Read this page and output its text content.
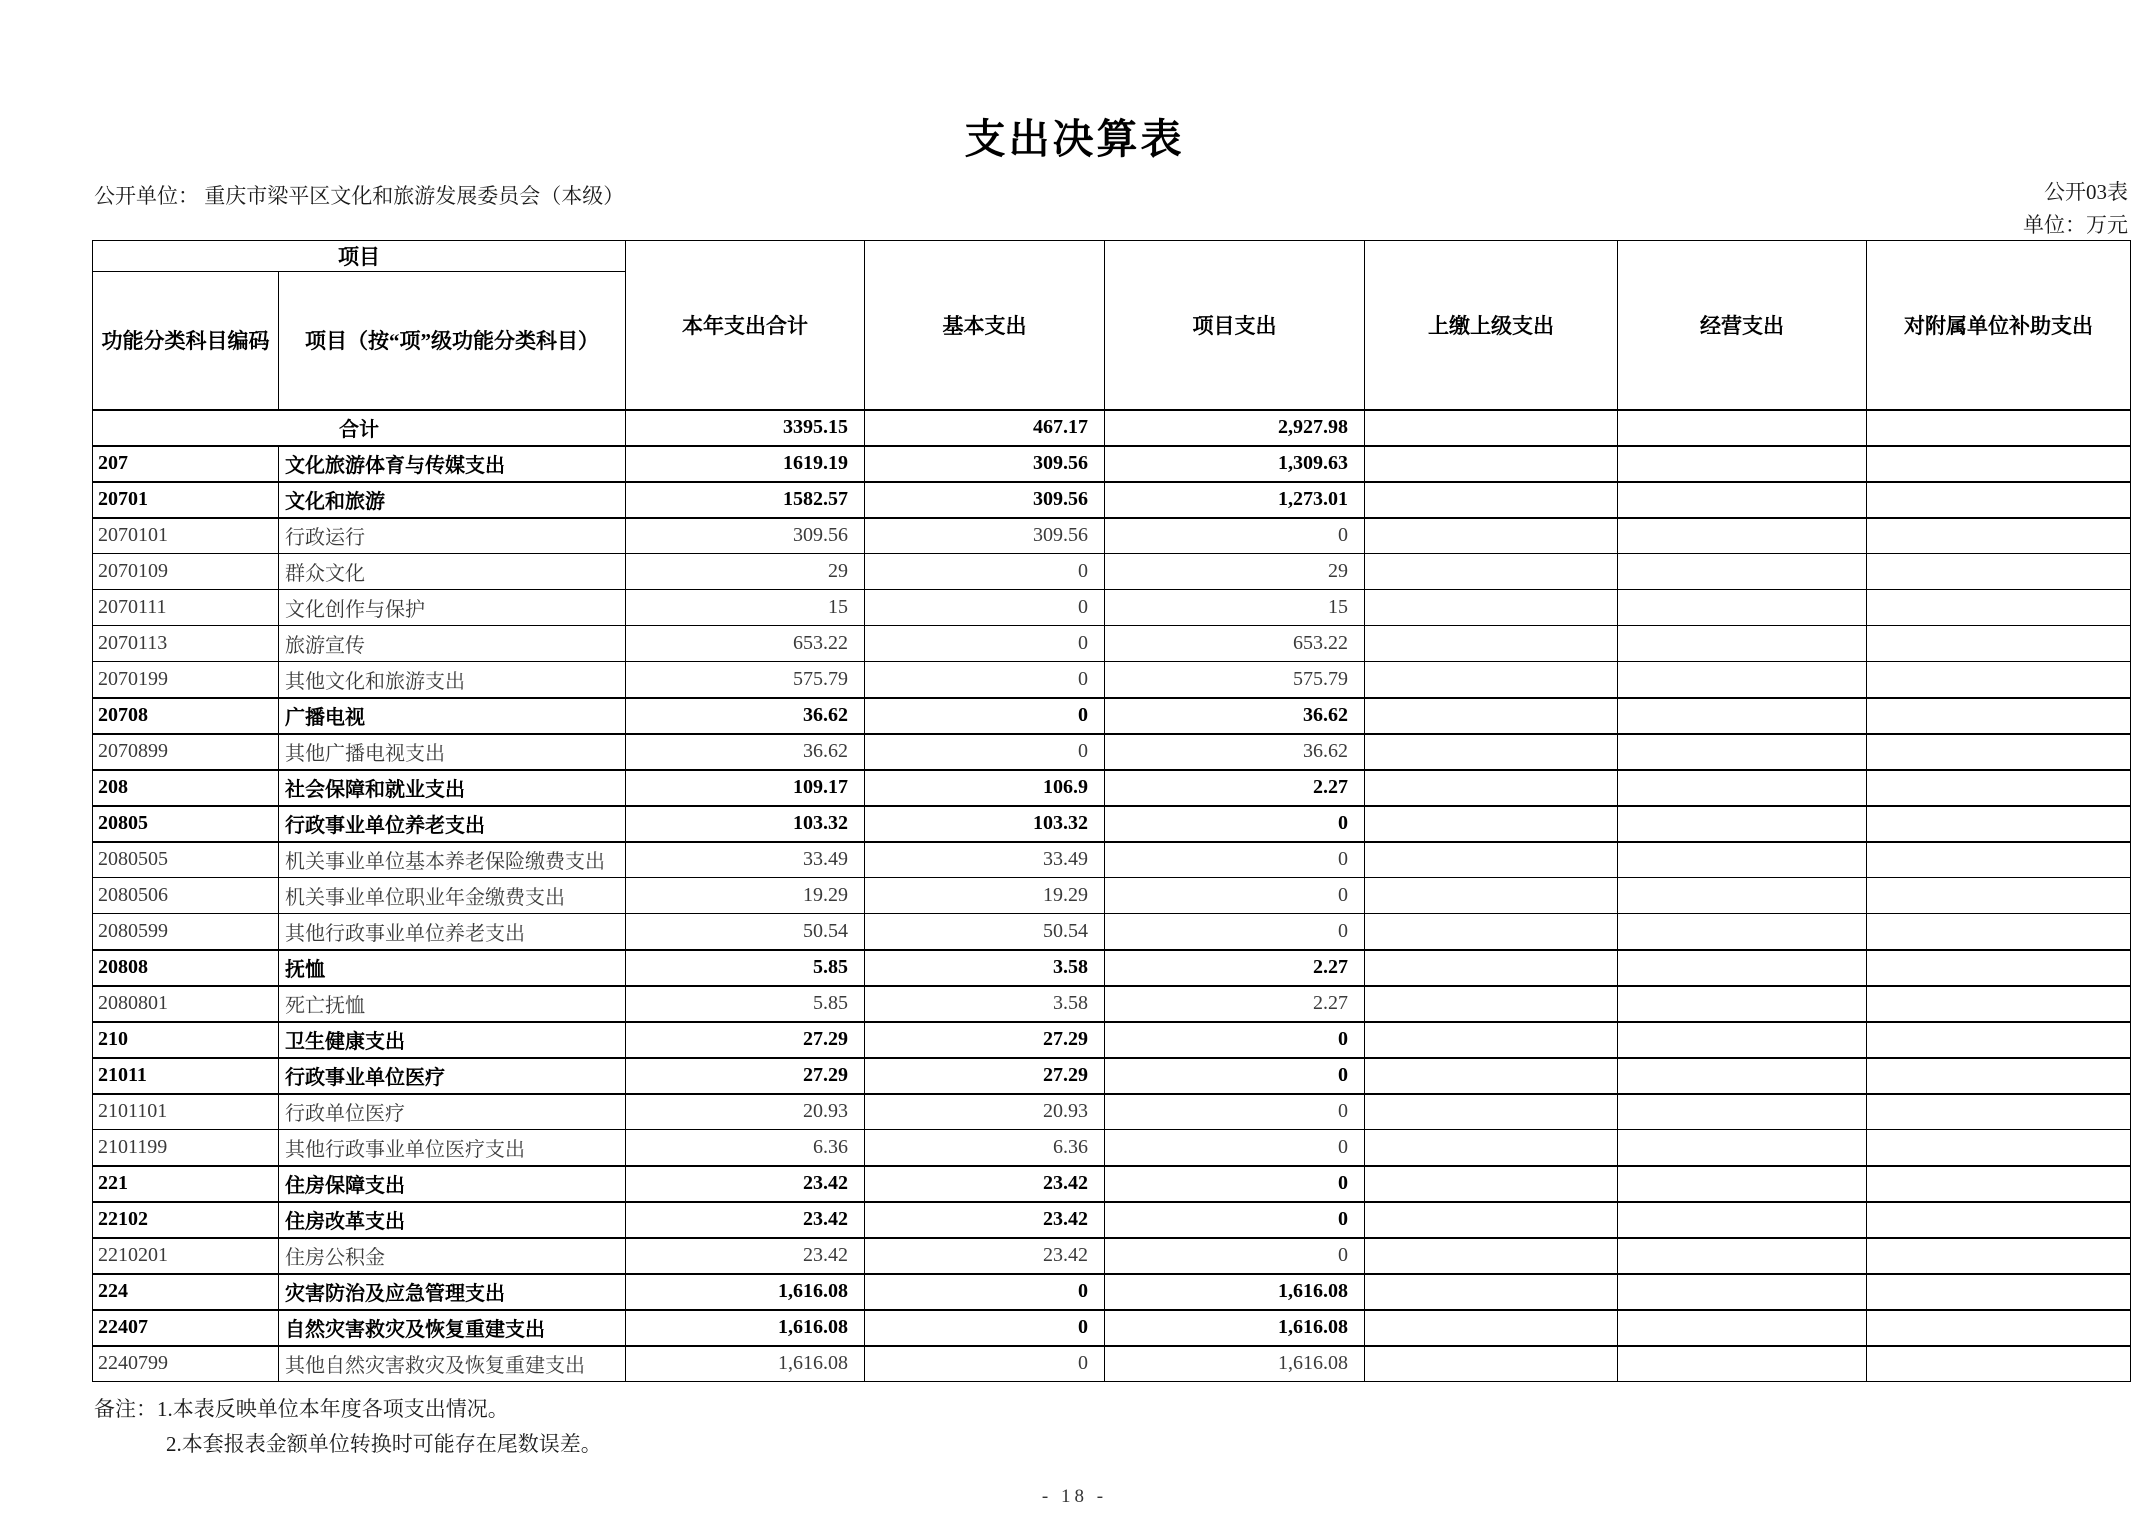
支出决算表
公开单位： 重庆市梁平区文化和旅游发展委员会（本级）	公开03表
单位：万元
项目		本年支出合计	基本支出	项目支出	上缴上级支出	经营支出	对附属单位补助支出
功能分类科目编码	项目（按“项”级功能分类科目）						
合计		3395.15	467.17	2,927.98			
207	文化旅游体育与传媒支出	1619.19	309.56	1,309.63			
20701	文化和旅游	1582.57	309.56	1,273.01			
2070101	行政运行	309.56	309.56	0			
2070109	群众文化	29	0	29			
2070111	文化创作与保护	15	0	15			
2070113	旅游宣传	653.22	0	653.22			
2070199	其他文化和旅游支出	575.79	0	575.79			
20708	广播电视	36.62	0	36.62			
2070899	其他广播电视支出	36.62	0	36.62			
208	社会保障和就业支出	109.17	106.9	2.27			
20805	行政事业单位养老支出	103.32	103.32	0			
2080505	机关事业单位基本养老保险缴费支出	33.49	33.49	0			
2080506	机关事业单位职业年金缴费支出	19.29	19.29	0			
2080599	其他行政事业单位养老支出	50.54	50.54	0			
20808	抚恤	5.85	3.58	2.27			
2080801	死亡抚恤	5.85	3.58	2.27			
210	卫生健康支出	27.29	27.29	0			
21011	行政事业单位医疗	27.29	27.29	0			
2101101	行政单位医疗	20.93	20.93	0			
2101199	其他行政事业单位医疗支出	6.36	6.36	0			
221	住房保障支出	23.42	23.42	0			
22102	住房改革支出	23.42	23.42	0			
2210201	住房公积金	23.42	23.42	0			
224	灾害防治及应急管理支出	1,616.08	0	1,616.08			
22407	自然灾害救灾及恢复重建支出	1,616.08	0	1,616.08			
2240799	其他自然灾害救灾及恢复重建支出	1,616.08	0	1,616.08			
备注：1.本表反映单位本年度各项支出情况。
2.本套报表金额单位转换时可能存在尾数误差。
- 18 -
